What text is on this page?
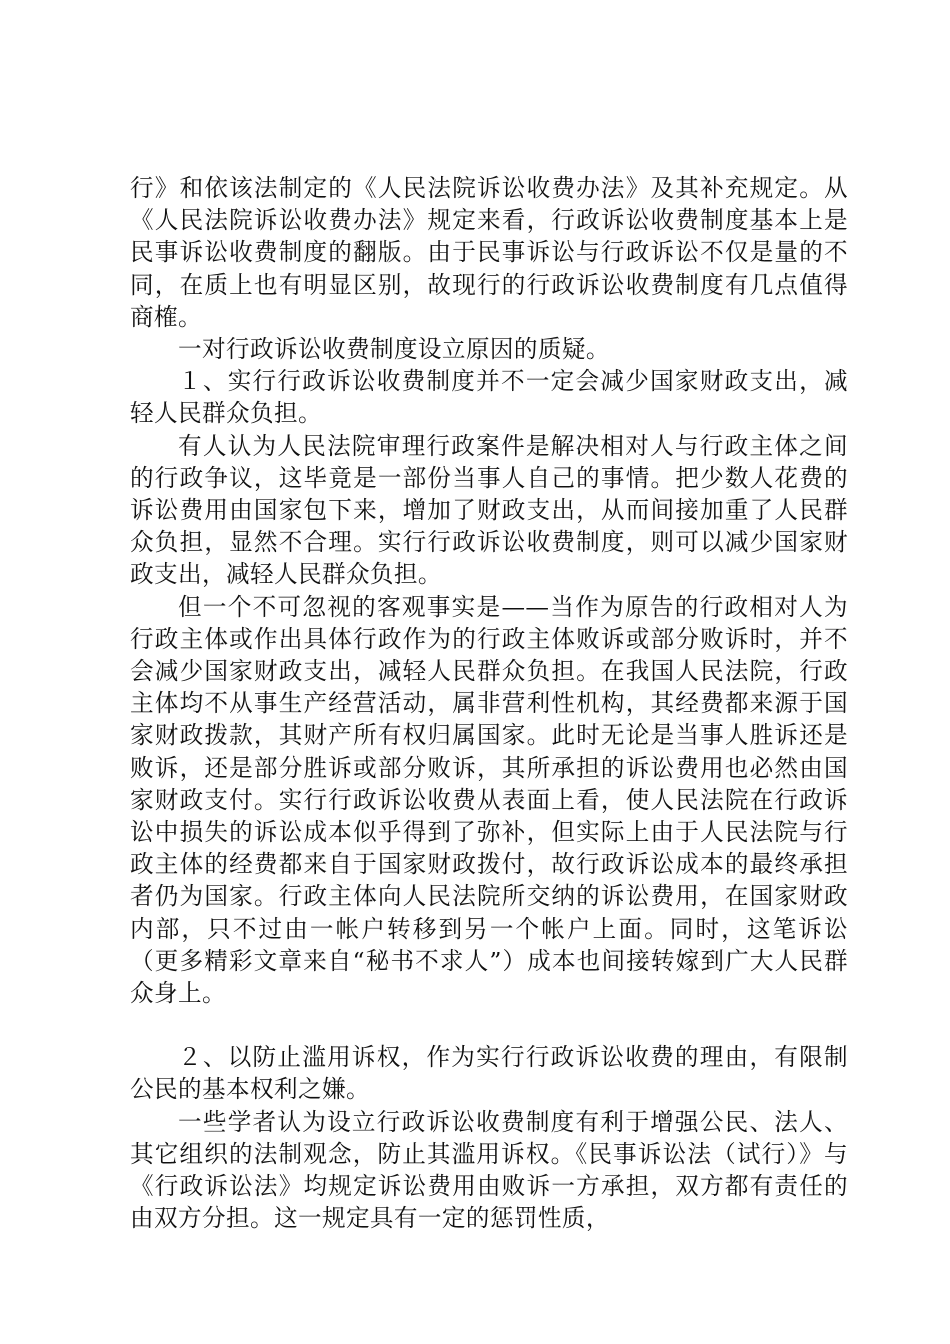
行》和依该法制定的《人民法院诉讼收费办法》及其补充规定。从《人民法院诉讼收费办法》规定来看，行政诉讼收费制度基本上是民事诉讼收费制度的翻版。由于民事诉讼与行政诉讼不仅是量的不同，在质上也有明显区别，故现行的行政诉讼收费制度有几点值得商榷。

一对行政诉讼收费制度设立原因的质疑。

１、实行行政诉讼收费制度并不一定会减少国家财政支出，减轻人民群众负担。

有人认为人民法院审理行政案件是解决相对人与行政主体之间的行政争议，这毕竟是一部份当事人自己的事情。把少数人花费的诉讼费用由国家包下来，增加了财政支出，从而间接加重了人民群众负担，显然不合理。实行行政诉讼收费制度，则可以减少国家财政支出，减轻人民群众负担。

但一个不可忽视的客观事实是——当作为原告的行政相对人为行政主体或作出具体行政作为的行政主体败诉或部分败诉时，并不会减少国家财政支出，减轻人民群众负担。在我国人民法院，行政主体均不从事生产经营活动，属非营利性机构，其经费都来源于国家财政拨款，其财产所有权归属国家。此时无论是当事人胜诉还是败诉，还是部分胜诉或部分败诉，其所承担的诉讼费用也必然由国家财政支付。实行行政诉讼收费从表面上看，使人民法院在行政诉讼中损失的诉讼成本似乎得到了弥补，但实际上由于人民法院与行政主体的经费都来自于国家财政拨付，故行政诉讼成本的最终承担者仍为国家。行政主体向人民法院所交纳的诉讼费用，在国家财政内部，只不过由一帐户转移到另一个帐户上面。同时，这笔诉讼（更多精彩文章来自“秘书不求人”）成本也间接转嫁到广大人民群众身上。

２、以防止滥用诉权，作为实行行政诉讼收费的理由，有限制公民的基本权利之嫌。

一些学者认为设立行政诉讼收费制度有利于增强公民、法人、其它组织的法制观念，防止其滥用诉权。《民事诉讼法（试行）》与《行政诉讼法》均规定诉讼费用由败诉一方承担，双方都有责任的由双方分担。这一规定具有一定的惩罚性质，
